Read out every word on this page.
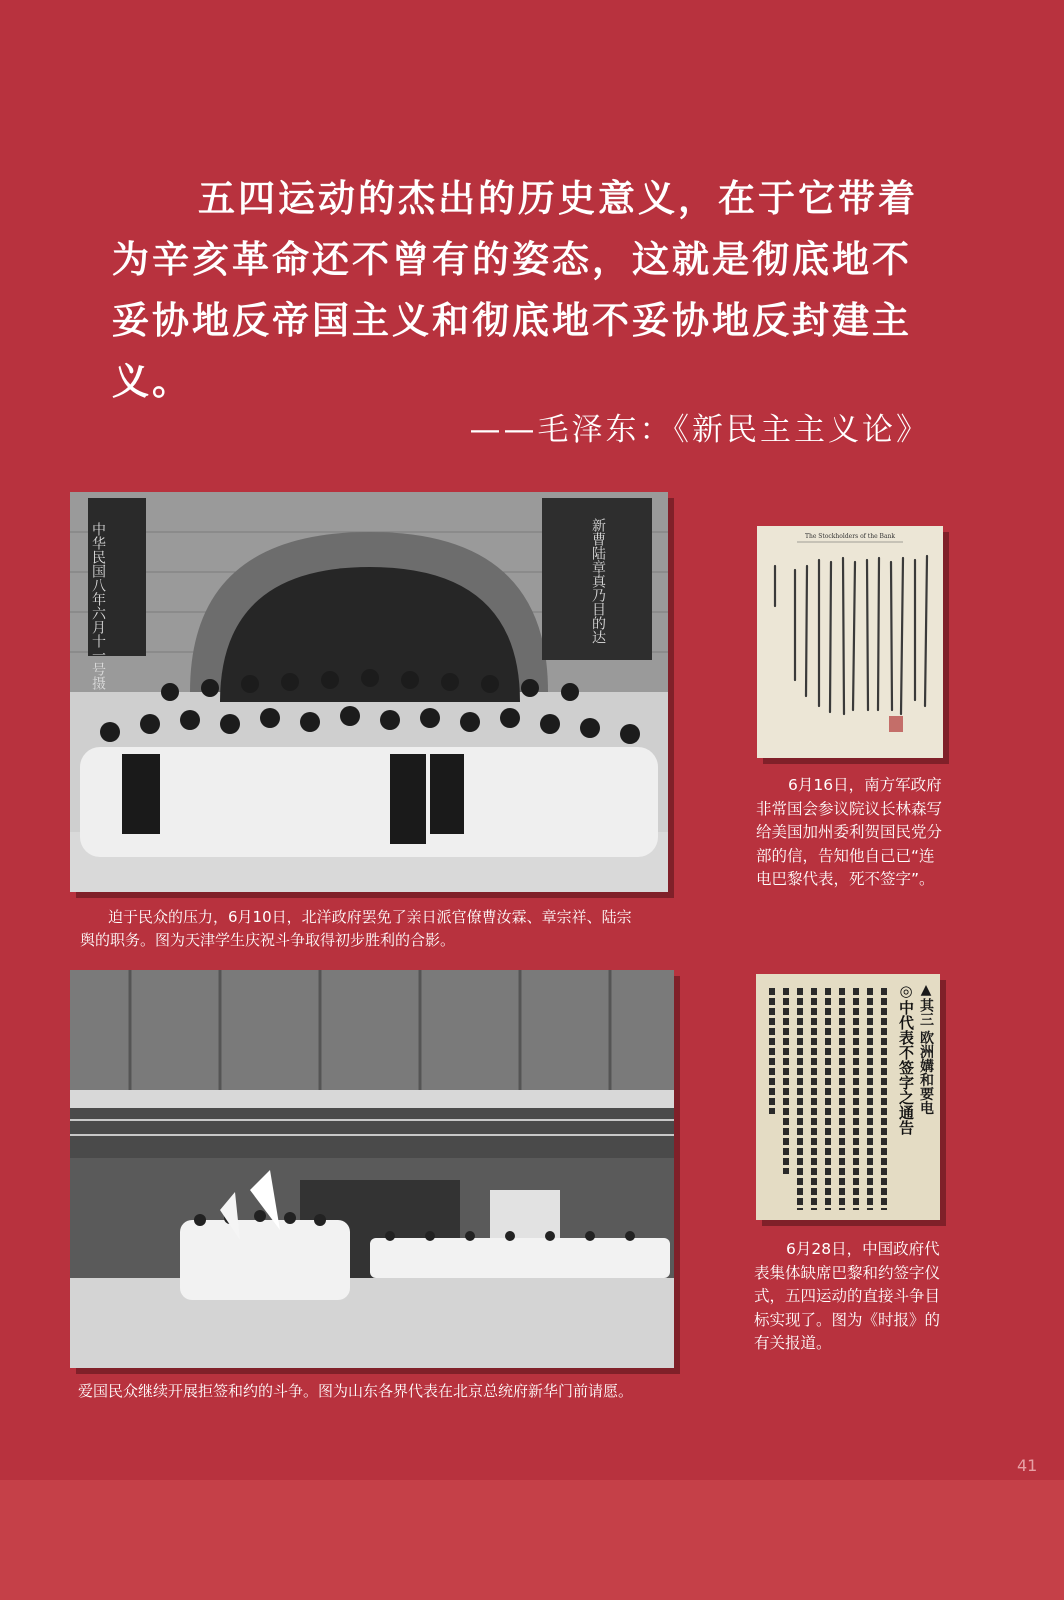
五四运动的杰出的历史意义，在于它带着为辛亥革命还不曾有的姿态，这就是彻底地不妥协地反帝国主义和彻底地不妥协地反封建主义。

——毛泽东：《新民主主义论》
中华民国八年六月十一号摄	新曹陆章真乃目的达

迫于民众的压力，6月10日，北洋政府罢免了亲日派官僚曹汝霖、章宗祥、陆宗舆的职务。图为天津学生庆祝斗争取得初步胜利的合影。

爱国民众继续开展拒签和约的斗争。图为山东各界代表在北京总统府新华门前请愿。

The Stockholders of the Bank

6月16日，南方军政府非常国会参议院议长林森写给美国加州委利贺国民党分部的信，告知他自己已“连电巴黎代表，死不签字”。

▲其三 欧洲媾和要电
◎中代表不签字之通告

6月28日，中国政府代表集体缺席巴黎和约签字仪式，五四运动的直接斗争目标实现了。图为《时报》的有关报道。

41
